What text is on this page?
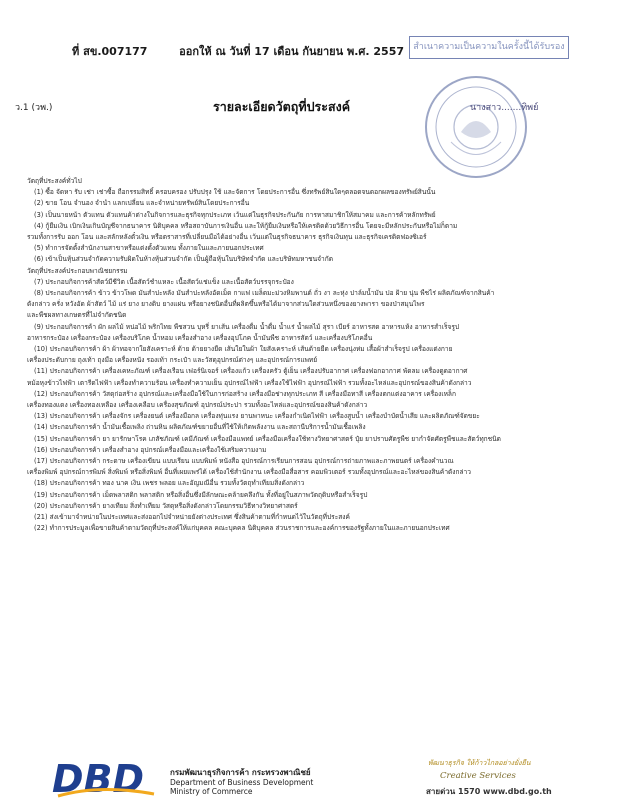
ที่ สข.007177	ออกให้ ณ วันที่ 17 เดือน กันยายน พ.ศ. 2557	สำเนาความเป็นความในครั้งนี้ได้รับรอง
นางสาว.......ทิพย์
ว.1 (วพ.)	รายละเอียดวัตถุที่ประสงค์

วัตถุที่ประสงค์ทั่วไป

(1) ซื้อ จัดหา รับ เช่า เช่าซื้อ ถือกรรมสิทธิ์ ครอบครอง ปรับปรุง ใช้ และจัดการ โดยประการอื่น ซึ่งทรัพย์สินใดๆตลอดจนดอกผลของทรัพย์สินนั้น

(2) ขาย โอน จำนอง จำนำ แลกเปลี่ยน และจำหน่ายทรัพย์สินโดยประการอื่น

(3) เป็นนายหน้า ตัวแทน ตัวแทนค้าต่างในกิจการและธุรกิจทุกประเภท เว้นแต่ในธุรกิจประกันภัย การหาสมาชิกให้สมาคม และการค้าหลักทรัพย์

(4) กู้ยืมเงิน เบิกเงินเกินบัญชีจากธนาคาร นิติบุคคล หรือสถาบันการเงินอื่น และให้กู้ยืมเงินหรือให้เครดิตด้วยวิธีการอื่น โดยจะมีหลักประกันหรือไม่ก็ตาม

รวมทั้งการรับ ออก โอน และสลักหลังตั๋วเงิน หรือตราสารที่เปลี่ยนมือได้อย่างอื่น เว้นแต่ในธุรกิจธนาคาร ธุรกิจเงินทุน และธุรกิจเครดิตฟองซิเอร์

(5) ทำการจัดตั้งสำนักงานสาขาหรือแต่งตั้งตัวแทน ทั้งภายในและภายนอกประเทศ

(6) เข้าเป็นหุ้นส่วนจำกัดความรับผิดในห้างหุ้นส่วนจำกัด เป็นผู้ถือหุ้นในบริษัทจำกัด และบริษัทมหาชนจำกัด

วัตถุที่ประสงค์ประกอบพาณิชยกรรม

(7) ประกอบกิจการค้าสัตว์มีชีวิต เนื้อสัตว์ชำแหละ เนื้อสัตว์แช่แข็ง และเนื้อสัตว์บรรจุกระป๋อง

(8) ประกอบกิจการค้า ข้าว ข้าวโพด มันสำปะหลัง มันสำปะหลังอัดเม็ด กาแฟ เมล็ดมะม่วงหิมพานต์ ถั่ว งา ละหุ่ง ปาล์มน้ำมัน ปอ ฝ้าย นุ่น พืชไร่ ผลิตภัณฑ์จากสินค้า

ดังกล่าว ครั่ง หวังอัด ผ้าสัตว์ ไม้ แร่ ยาง ยางดิบ ยางแผ่น หรือยางชนิดอื่นที่ผลิตขึ้นหรือได้มาจากส่วนใดส่วนหนึ่งของยางพารา ของป่าสมุนไพร

และพืชผลทางเกษตรที่ไม่จำกัดชนิด

(9) ประกอบกิจการค้า ผัก ผลไม้ หน่อไม้ พริกไทย พืชสวน บุหรี่ ยาเส้น เครื่องดื่ม น้ำดื่ม น้ำแร่ น้ำผลไม้ สุรา เบียร์ อาหารสด อาหารแห้ง อาหารสำเร็จรูป

อาหารกระป๋อง เครื่องกระป๋อง เครื่องบริโภค น้ำหอม เครื่องสำอาง เครื่องอุปโภค น้ำมันพืช อาหารสัตว์ และเครื่องบริโภคอื่น

(10) ประกอบกิจการค้า ผ้า ผ้าทอจากใยสังเคราะห์ ด้าย ด้ายยางยืด เส้นใยในผ้า ใยสังเคราะห์ เส้นด้ายยืด เครื่องนุ่งห่ม เสื้อผ้าสำเร็จรูป เครื่องแต่งกาย

เครื่องประดับกาย ถุงเท้า ถุงมือ เครื่องหนัง รองเท้า กระเป๋า และวัสดุอุปกรณ์ต่างๆ และอุปกรณ์การแพทย์

(11) ประกอบกิจการค้า เครื่องเคหะภัณฑ์ เครื่องเรือน เฟอร์นิเจอร์ เครื่องแก้ว เครื่องครัว ตู้เย็น เครื่องปรับอากาศ เครื่องฟอกอากาศ พัดลม เครื่องดูดอากาศ

หม้อหุงข้าวไฟฟ้า เตารีดไฟฟ้า เครื่องทำความร้อน เครื่องทำความเย็น อุปกรณ์ไฟฟ้า เครื่องใช้ไฟฟ้า อุปกรณ์ไฟฟ้า รวมทั้งอะไหล่และอุปกรณ์ของสินค้าดังกล่าว

(12) ประกอบกิจการค้า วัสดุก่อสร้าง อุปกรณ์และเครื่องมือใช้ในการก่อสร้าง เครื่องมือช่างทุกประเภท สี เครื่องมือทาสี เครื่องตกแต่งอาคาร เครื่องเหล็ก

เครื่องทองแดง เครื่องทองเหลือง เครื่องเคลือบ เครื่องสุขภัณฑ์ อุปกรณ์ประปา รวมทั้งอะไหล่และอุปกรณ์ของสินค้าดังกล่าว

(13) ประกอบกิจการค้า เครื่องจักร เครื่องยนต์ เครื่องมือกล เครื่องทุ่นแรง ยานพาหนะ เครื่องกำเนิดไฟฟ้า เครื่องสูบน้ำ เครื่องบำบัดน้ำเสีย และผลิตภัณฑ์จัดขยะ

(14) ประกอบกิจการค้า น้ำมันเชื้อเพลิง ถ่านหิน ผลิตภัณฑ์ขยายอื่นที่ใช้ให้เกิดพลังงาน และสถานีบริการน้ำมันเชื้อเพลิง

(15) ประกอบกิจการค้า ยา ยารักษาโรค เภสัชภัณฑ์ เคมีภัณฑ์ เครื่องมือแพทย์ เครื่องมือเครื่องใช้ทางวิทยาศาสตร์ ปุ๋ย ยาปราบศัตรูพืช ยากำจัดศัตรูพืชและสัตว์ทุกชนิด

(16) ประกอบกิจการค้า เครื่องสำอาง อุปกรณ์เครื่องมือและเครื่องใช้เสริมความงาม

(17) ประกอบกิจการค้า กระดาษ เครื่องเขียน แบบเรียน แบบพิมพ์ หนังสือ อุปกรณ์การเรียนการสอน อุปกรณ์การถ่ายภาพและภาพยนตร์ เครื่องคำนวณ

เครื่องพิมพ์ อุปกรณ์การพิมพ์ สิ่งพิมพ์ หรือสิ่งพิมพ์ อื่นที่เผยแพร่ได้ เครื่องใช้สำนักงาน เครื่องมือสื่อสาร คอมพิวเตอร์ รวมทั้งอุปกรณ์และอะไหล่ของสินค้าดังกล่าว

(18) ประกอบกิจการค้า ทอง นาค เงิน เพชร พลอย และอัญมณีอื่น รวมทั้งวัตถุทำเทียมสิ่งดังกล่าว

(19) ประกอบกิจการค้า เม็ดพลาสติก พลาสติก หรือสิ่งอื่นซึ่งมีลักษณะคล้ายคลึงกัน ทั้งที่อยู่ในสภาพวัตถุดิบหรือสำเร็จรูป

(20) ประกอบกิจการค้า ยางเทียม สิ่งทำเทียม วัสดุหรือสิ่งดังกล่าวโดยกรรมวิธีทางวิทยาศาสตร์

(21) ส่งเข้ามาจำหน่ายในประเทศและส่งออกไปจำหน่ายยังต่างประเทศ ซึ่งสินค้าตามที่กำหนดไว้ในวัตถุที่ประสงค์

(22) ทำการประมูลเพื่อขายสินค้าตามวัตถุที่ประสงค์ให้แก่บุคคล คณะบุคคล นิติบุคคล ส่วนราชการและองค์การของรัฐทั้งภายในและภายนอกประเทศ

DBD	กรมพัฒนาธุรกิจการค้า กระทรวงพาณิชย์
Department of Business Development
Ministry of Commerce
พัฒนาธุรกิจ ให้ก้าวไกลอย่างยั่งยืน
Creative Services
สายด่วน 1570 www.dbd.go.th
